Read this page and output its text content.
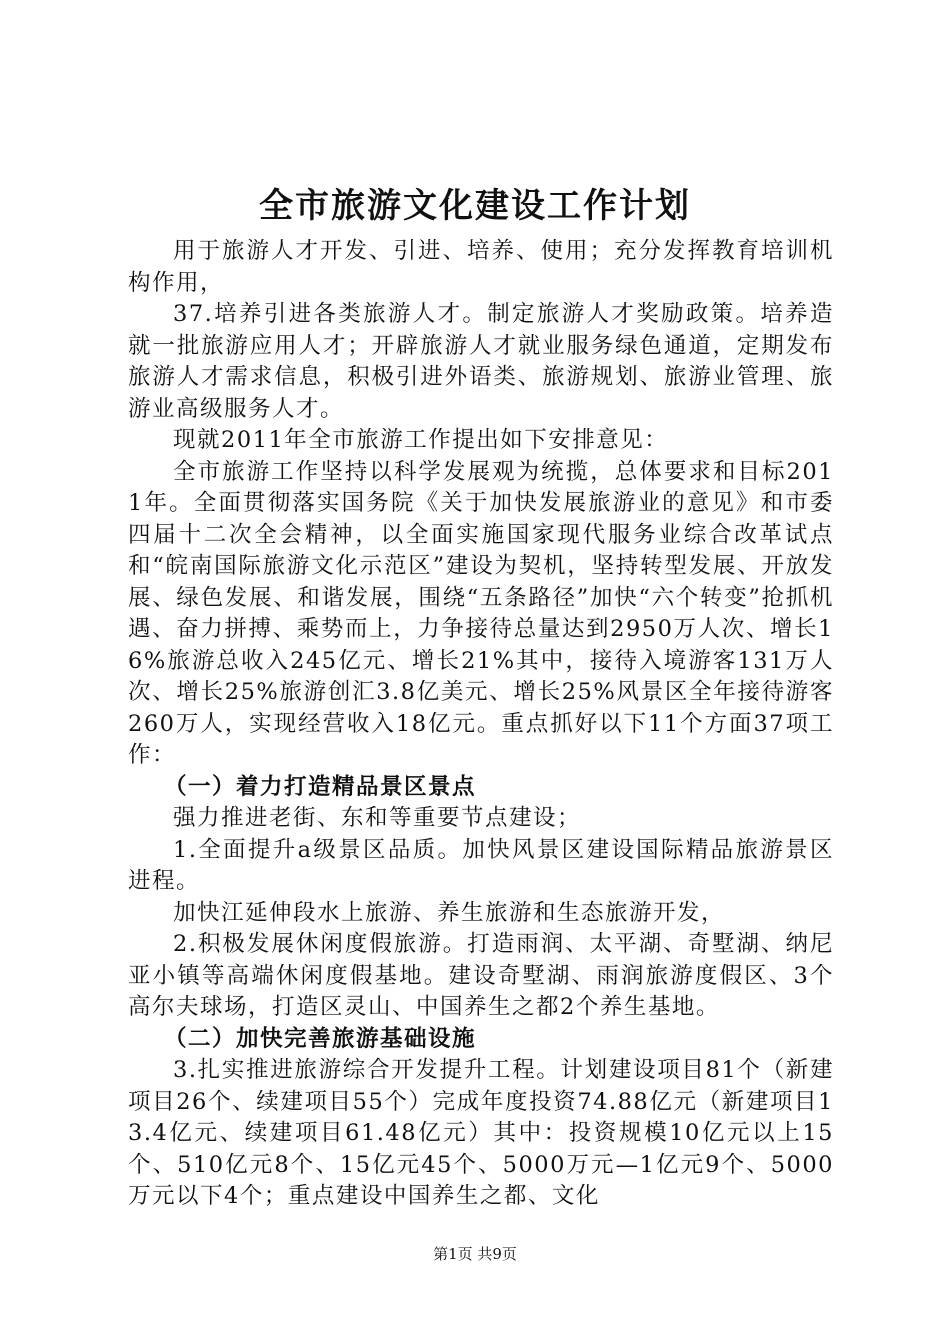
全市旅游文化建设工作计划

用于旅游人才开发、引进、培养、使用；充分发挥教育培训机构作用，

37.培养引进各类旅游人才。制定旅游人才奖励政策。培养造就一批旅游应用人才；开辟旅游人才就业服务绿色通道，定期发布旅游人才需求信息，积极引进外语类、旅游规划、旅游业管理、旅游业高级服务人才。

现就2011年全市旅游工作提出如下安排意见：

全市旅游工作坚持以科学发展观为统揽，总体要求和目标2011年。全面贯彻落实国务院《关于加快发展旅游业的意见》和市委四届十二次全会精神，以全面实施国家现代服务业综合改革试点和“皖南国际旅游文化示范区”建设为契机，坚持转型发展、开放发展、绿色发展、和谐发展，围绕“五条路径”加快“六个转变”抢抓机遇、奋力拼搏、乘势而上，力争接待总量达到2950万人次、增长16%旅游总收入245亿元、增长21%其中，接待入境游客131万人次、增长25%旅游创汇3.8亿美元、增长25%风景区全年接待游客260万人，实现经营收入18亿元。重点抓好以下11个方面37项工作：

（一）着力打造精品景区景点

强力推进老街、东和等重要节点建设；

1.全面提升a级景区品质。加快风景区建设国际精品旅游景区进程。

加快江延伸段水上旅游、养生旅游和生态旅游开发，

2.积极发展休闲度假旅游。打造雨润、太平湖、奇墅湖、纳尼亚小镇等高端休闲度假基地。建设奇墅湖、雨润旅游度假区、3个高尔夫球场，打造区灵山、中国养生之都2个养生基地。

（二）加快完善旅游基础设施

3.扎实推进旅游综合开发提升工程。计划建设项目81个（新建项目26个、续建项目55个）完成年度投资74.88亿元（新建项目13.4亿元、续建项目61.48亿元）其中：投资规模10亿元以上15个、510亿元8个、15亿元45个、5000万元—1亿元9个、5000万元以下4个；重点建设中国养生之都、文化

第1页 共9页
